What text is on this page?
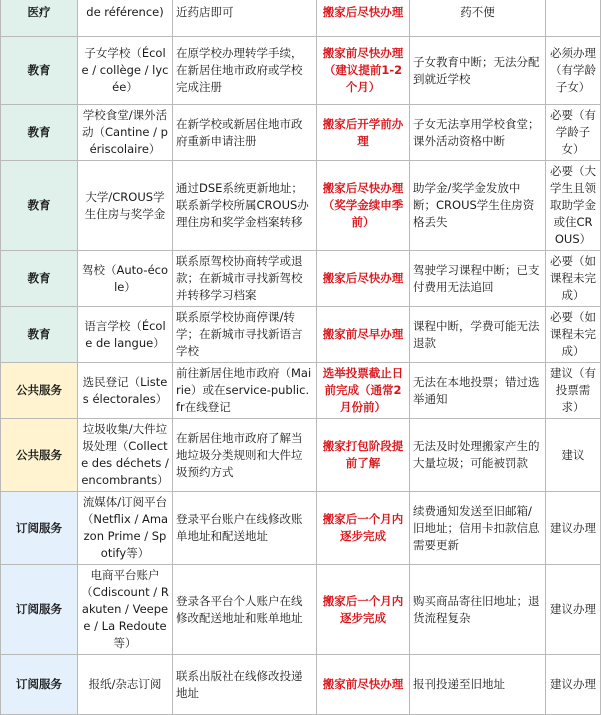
医疗	de référence)	近药店即可	搬家后尽快办理	药不便	
教育	子女学校（École / collège / lycée）	在原学校办理转学手续，在新居住地市政府或学校完成注册	搬家前尽快办理（建议提前1-2个月）	子女教育中断；无法分配到就近学校	必须办理（有学龄子女）
教育	学校食堂/课外活动（Cantine / périscolaire）	在新学校或新居住地市政府重新申请注册	搬家后开学前办理	子女无法享用学校食堂；课外活动资格中断	必要（有学龄子女）
教育	大学/CROUS学生住房与奖学金	通过DSE系统更新地址；联系新学校所属CROUS办理住房和奖学金档案转移	搬家后尽快办理（奖学金续申季前）	助学金/奖学金发放中断；CROUS学生住房资格丢失	必要（大学生且领取助学金或住CROUS）
教育	驾校（Auto-école）	联系原驾校协商转学或退款；在新城市寻找新驾校并转移学习档案	搬家后尽快办理	驾驶学习课程中断；已支付费用无法追回	必要（如课程未完成）
教育	语言学校（École de langue）	联系原学校协商停课/转学；在新城市寻找新语言学校	搬家前尽早办理	课程中断，学费可能无法退款	必要（如课程未完成）
公共服务	选民登记（Listes électorales）	前往新居住地市政府（Mairie）或在service-public.fr在线登记	选举投票截止日前完成（通常2月份前）	无法在本地投票；错过选举通知	建议（有投票需求）
公共服务	垃圾收集/大件垃圾处理（Collecte des déchets / encombrants）	在新居住地市政府了解当地垃圾分类规则和大件垃圾预约方式	搬家打包阶段提前了解	无法及时处理搬家产生的大量垃圾；可能被罚款	建议
订阅服务	流媒体/订阅平台（Netflix / Amazon Prime / Spotify等）	登录平台账户在线修改账单地址和配送地址	搬家后一个月内逐步完成	续费通知发送至旧邮箱/旧地址；信用卡扣款信息需要更新	建议办理
订阅服务	电商平台账户（Cdiscount / Rakuten / Veepee / La Redoute等）	登录各平台个人账户在线修改配送地址和账单地址	搬家后一个月内逐步完成	购买商品寄往旧地址；退货流程复杂	建议办理
订阅服务	报纸/杂志订阅	联系出版社在线修改投递地址	搬家前尽快办理	报刊投递至旧地址	建议办理
